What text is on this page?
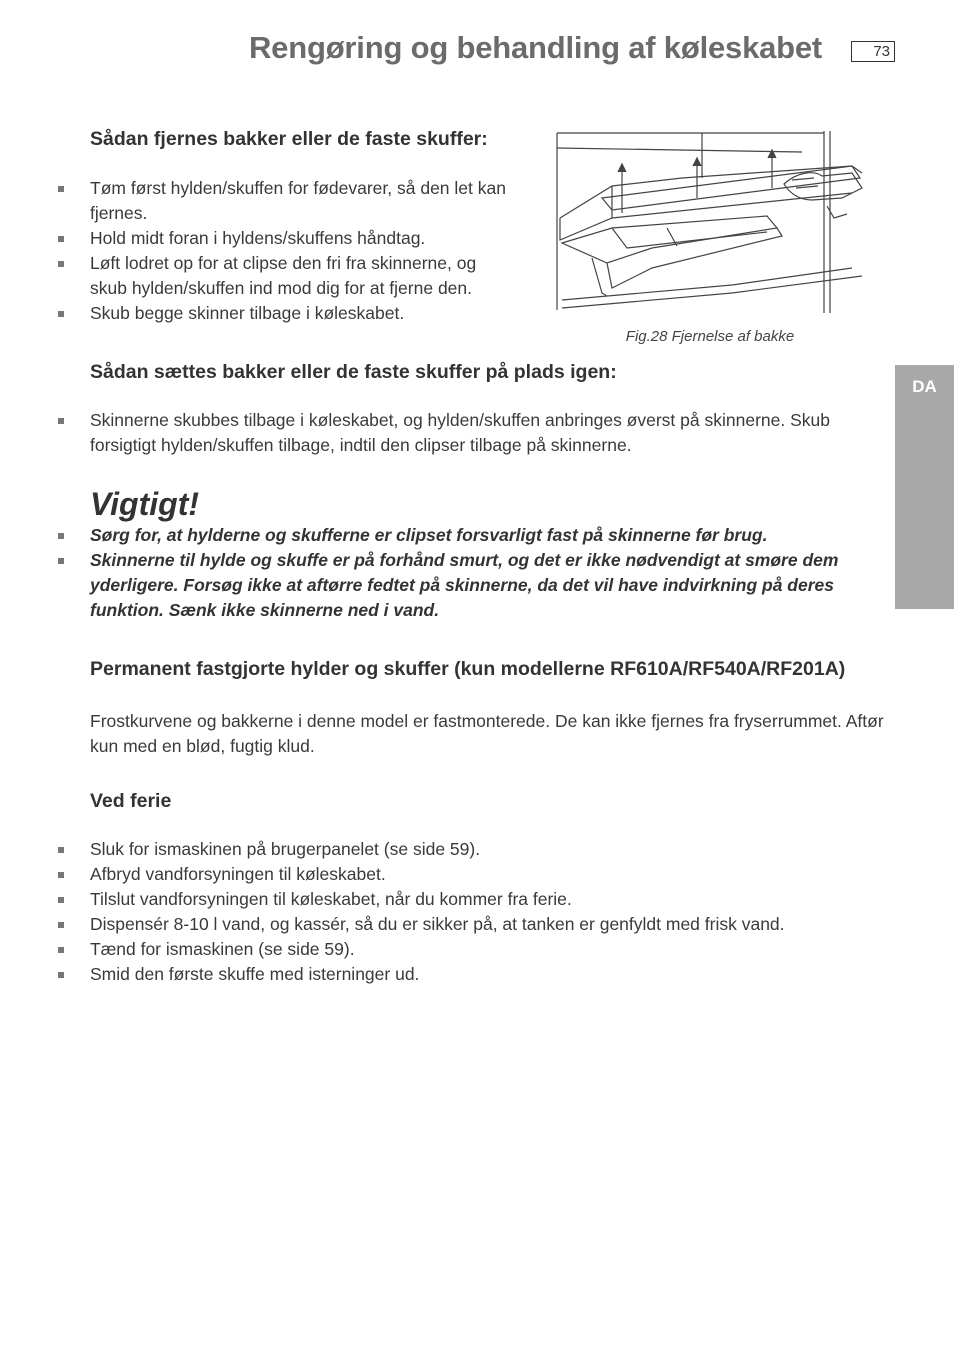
Rengøring og behandling af køleskabet	73
DA
Sådan fjernes bakker eller de faste skuffer:
Tøm først hylden/skuffen for fødevarer, så den let kan fjernes.
Hold midt foran i hyldens/skuffens håndtag.
Løft lodret op for at clipse den fri fra skinnerne, og skub hylden/skuffen ind mod dig for at fjerne den.
Skub begge skinner tilbage i køleskabet.
Fig.28 Fjernelse af bakke
Sådan sættes bakker eller de faste skuffer på plads igen:
Skinnerne skubbes tilbage i køleskabet, og hylden/skuffen anbringes øverst på skinnerne. Skub forsigtigt hylden/skuffen tilbage, indtil den clipser tilbage på skinnerne.
Vigtigt!
Sørg for, at hylderne og skufferne er clipset forsvarligt fast på skinnerne før brug.
Skinnerne til hylde og skuffe er på forhånd smurt, og det er ikke nødvendigt at smøre dem yderligere. Forsøg ikke at aftørre fedtet på skinnerne, da det vil have indvirkning på deres funktion. Sænk ikke skinnerne ned i vand.
Permanent fastgjorte hylder og skuffer (kun modellerne RF610A/RF540A/RF201A)

Frostkurvene og bakkerne i denne model er fastmonterede. De kan ikke fjernes fra fryserrummet. Aftør kun med en blød, fugtig klud.

Ved ferie
Sluk for ismaskinen på brugerpanelet (se side 59).
Afbryd vandforsyningen til køleskabet.
Tilslut vandforsyningen til køleskabet, når du kommer fra ferie.
Dispensér 8-10 l vand, og kassér, så du er sikker på, at tanken er genfyldt med frisk vand.
Tænd for ismaskinen (se side 59).
Smid den første skuffe med isterninger ud.
